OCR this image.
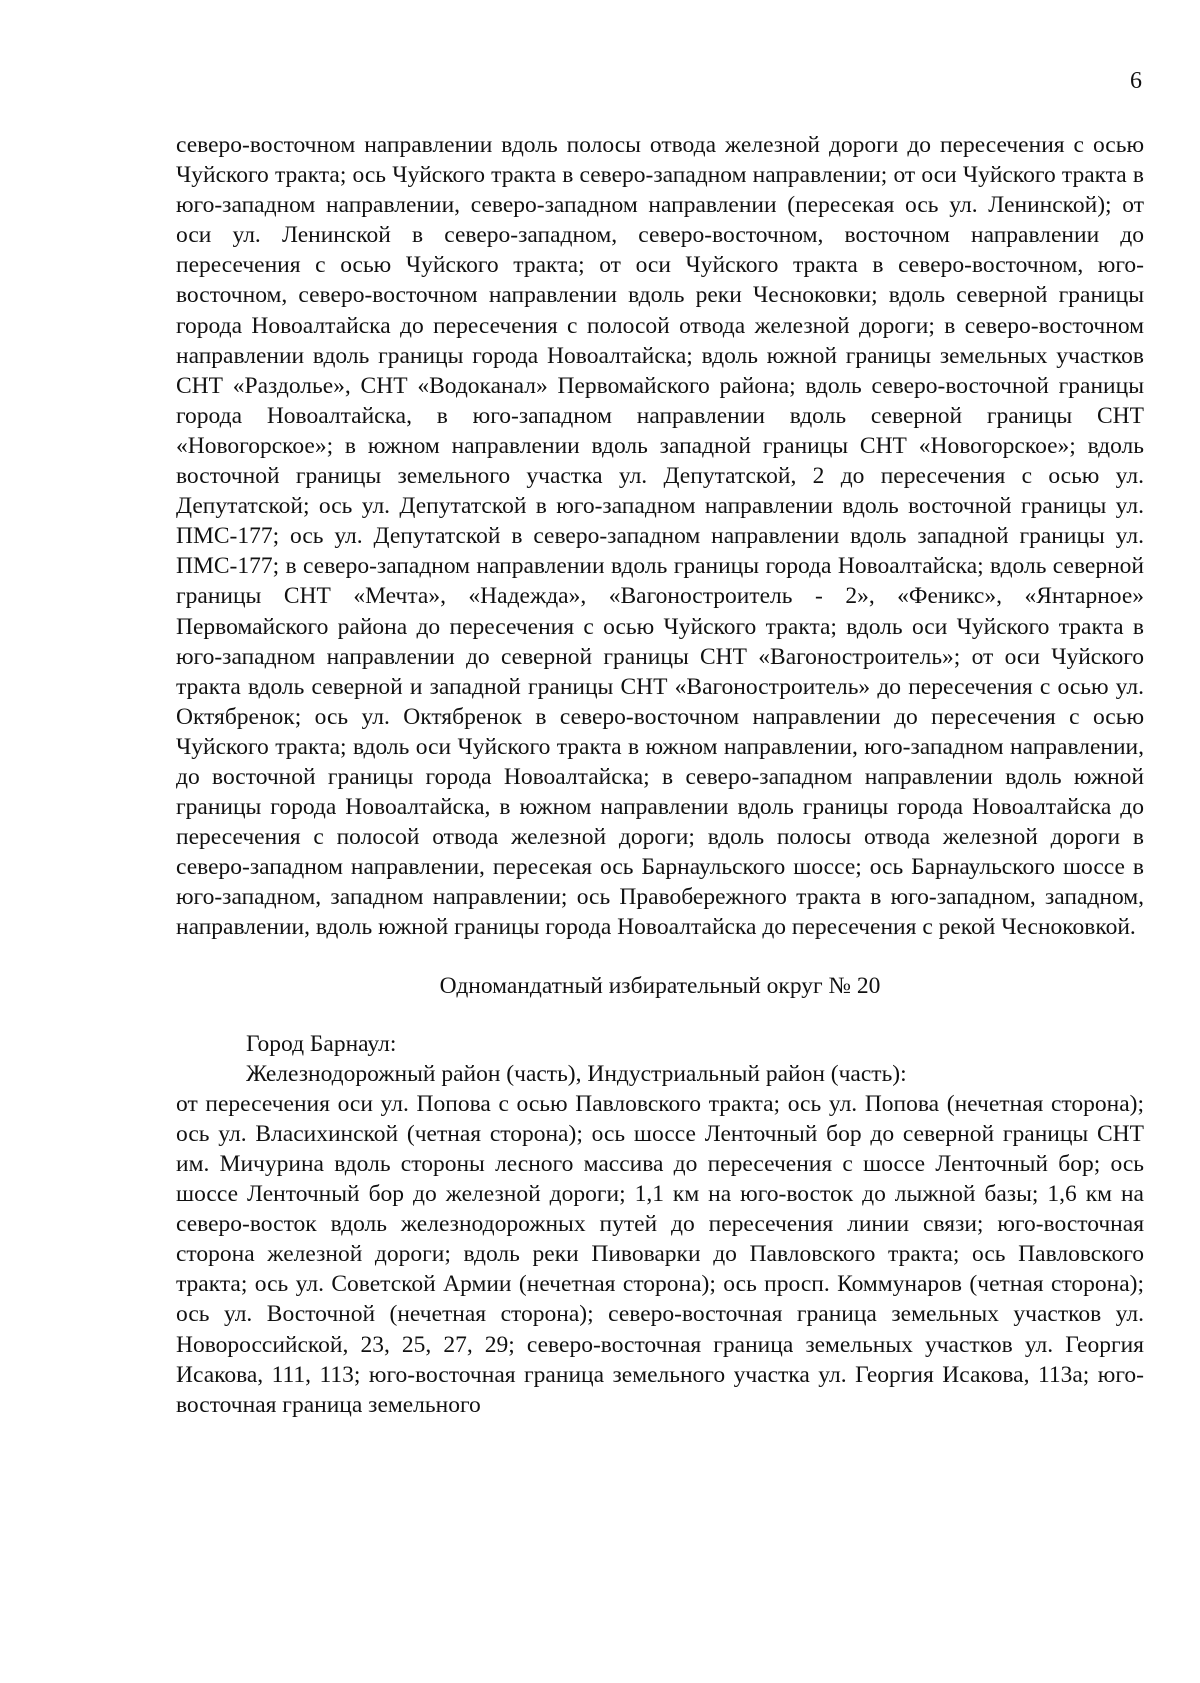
6

северо-восточном направлении вдоль полосы отвода железной дороги до пересечения с осью Чуйского тракта; ось Чуйского тракта в северо-западном направлении; от оси Чуйского тракта в юго-западном направлении, северо-западном направлении (пересекая ось ул. Ленинской); от оси ул. Ленинской в северо-западном, северо-восточном, восточном направлении до пересечения с осью Чуйского тракта; от оси Чуйского тракта в северо-восточном, юго-восточном, северо-восточном направлении вдоль реки Чесноковки; вдоль северной границы города Новоалтайска до пересечения с полосой отвода железной дороги; в северо-восточном направлении вдоль границы города Новоалтайска; вдоль южной границы земельных участков СНТ «Раздолье», СНТ «Водоканал» Первомайского района; вдоль северо-восточной границы города Новоалтайска, в юго-западном направлении вдоль северной границы СНТ «Новогорское»; в южном направлении вдоль западной границы СНТ «Новогорское»; вдоль восточной границы земельного участка ул. Депутатской, 2 до пересечения с осью ул. Депутатской; ось ул. Депутатской в юго-западном направлении вдоль восточной границы ул. ПМС-177; ось ул. Депутатской в северо-западном направлении вдоль западной границы ул. ПМС-177; в северо-западном направлении вдоль границы города Новоалтайска; вдоль северной границы СНТ «Мечта», «Надежда», «Вагоностроитель - 2», «Феникс», «Янтарное» Первомайского района до пересечения с осью Чуйского тракта; вдоль оси Чуйского тракта в юго-западном направлении до северной границы СНТ «Вагоностроитель»; от оси Чуйского тракта вдоль северной и западной границы СНТ «Вагоностроитель» до пересечения с осью ул. Октябренок; ось ул. Октябренок в северо-восточном направлении до пересечения с осью Чуйского тракта; вдоль оси Чуйского тракта в южном направлении, юго-западном направлении, до восточной границы города Новоалтайска; в северо-западном направлении вдоль южной границы города Новоалтайска, в южном направлении вдоль границы города Новоалтайска до пересечения с полосой отвода железной дороги; вдоль полосы отвода железной дороги в северо-западном направлении, пересекая ось Барнаульского шоссе; ось Барнаульского шоссе в юго-западном, западном направлении; ось Правобережного тракта в юго-западном, западном, направлении, вдоль южной границы города Новоалтайска до пересечения с рекой Чесноковкой.

Одномандатный избирательный округ № 20

Город Барнаул:

Железнодорожный район (часть), Индустриальный район (часть):

от пересечения оси ул. Попова с осью Павловского тракта; ось ул. Попова (нечетная сторона); ось ул. Власихинской (четная сторона); ось шоссе Ленточный бор до северной границы СНТ им. Мичурина вдоль стороны лесного массива до пересечения с шоссе Ленточный бор; ось шоссе Ленточный бор до железной дороги; 1,1 км на юго-восток до лыжной базы; 1,6 км на северо-восток вдоль железнодорожных путей до пересечения линии связи; юго-восточная сторона железной дороги; вдоль реки Пивоварки до Павловского тракта; ось Павловского тракта; ось ул. Советской Армии (нечетная сторона); ось просп. Коммунаров (четная сторона); ось ул. Восточной (нечетная сторона); северо-восточная граница земельных участков ул. Новороссийской, 23, 25, 27, 29; северо-восточная граница земельных участков ул. Георгия Исакова, 111, 113; юго-восточная граница земельного участка ул. Георгия Исакова, 113а; юго-восточная граница земельного
